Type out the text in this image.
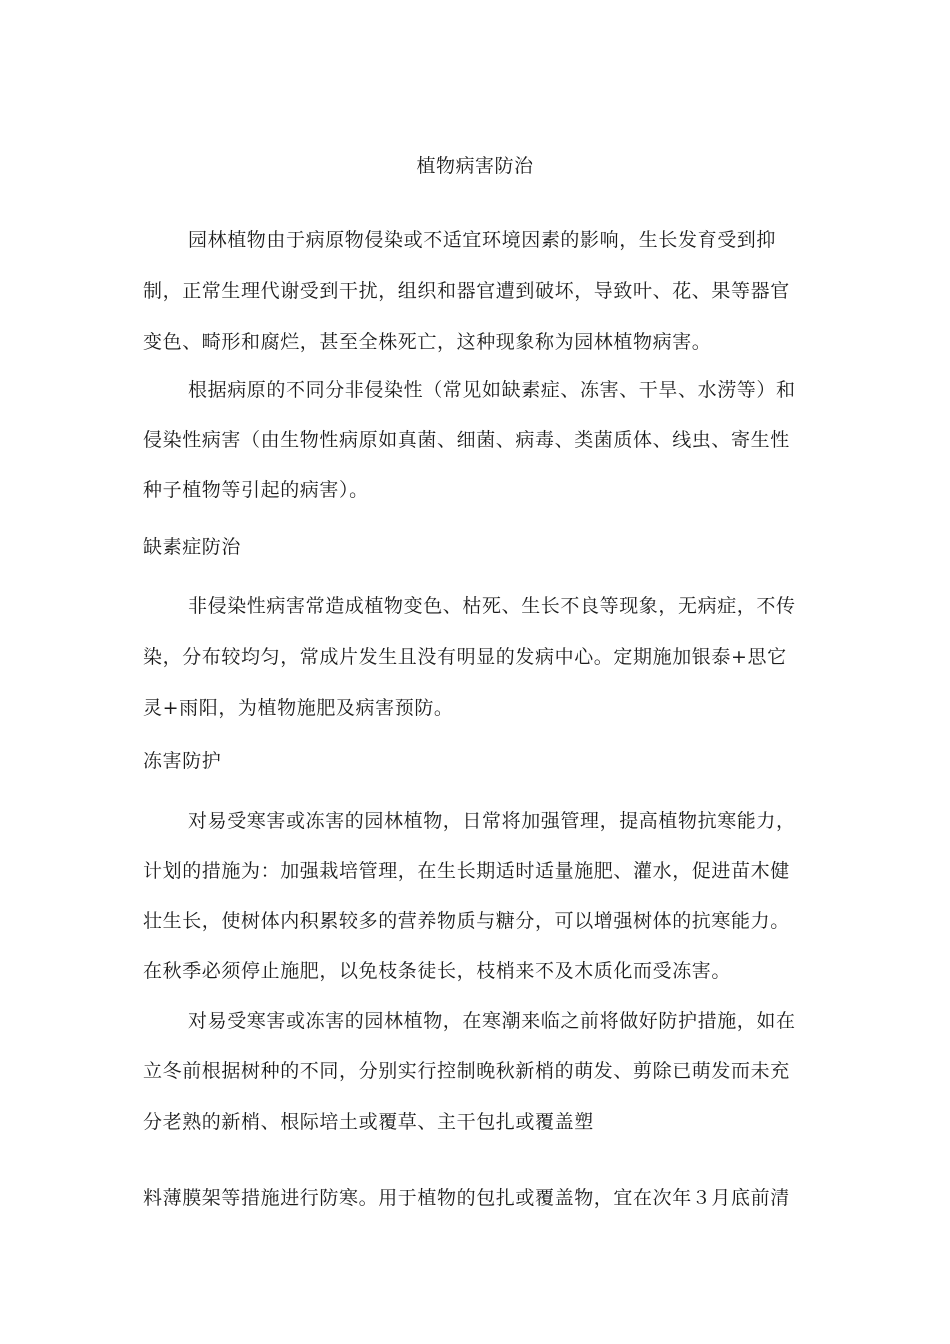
植物病害防治
园林植物由于病原物侵染或不适宜环境因素的影响，生长发育受到抑
制，正常生理代谢受到干扰，组织和器官遭到破坏，导致叶、花、果等器官
变色、畸形和腐烂，甚至全株死亡，这种现象称为园林植物病害。
根据病原的不同分非侵染性（常见如缺素症、冻害、干旱、水涝等）和
侵染性病害（由生物性病原如真菌、细菌、病毒、类菌质体、线虫、寄生性
种子植物等引起的病害）。
缺素症防治
非侵染性病害常造成植物变色、枯死、生长不良等现象，无病症，不传
染，分布较均匀，常成片发生且没有明显的发病中心。定期施加银泰+思它
灵+雨阳，为植物施肥及病害预防。
冻害防护
对易受寒害或冻害的园林植物，日常将加强管理，提高植物抗寒能力，
计划的措施为：加强栽培管理，在生长期适时适量施肥、灌水，促进苗木健
壮生长，使树体内积累较多的营养物质与糖分，可以增强树体的抗寒能力。
在秋季必须停止施肥，以免枝条徒长，枝梢来不及木质化而受冻害。
对易受寒害或冻害的园林植物，在寒潮来临之前将做好防护措施，如在
立冬前根据树种的不同，分别实行控制晚秋新梢的萌发、剪除已萌发而未充
分老熟的新梢、根际培土或覆草、主干包扎或覆盖塑
料薄膜架等措施进行防寒。用于植物的包扎或覆盖物，宜在次年３月底前清
